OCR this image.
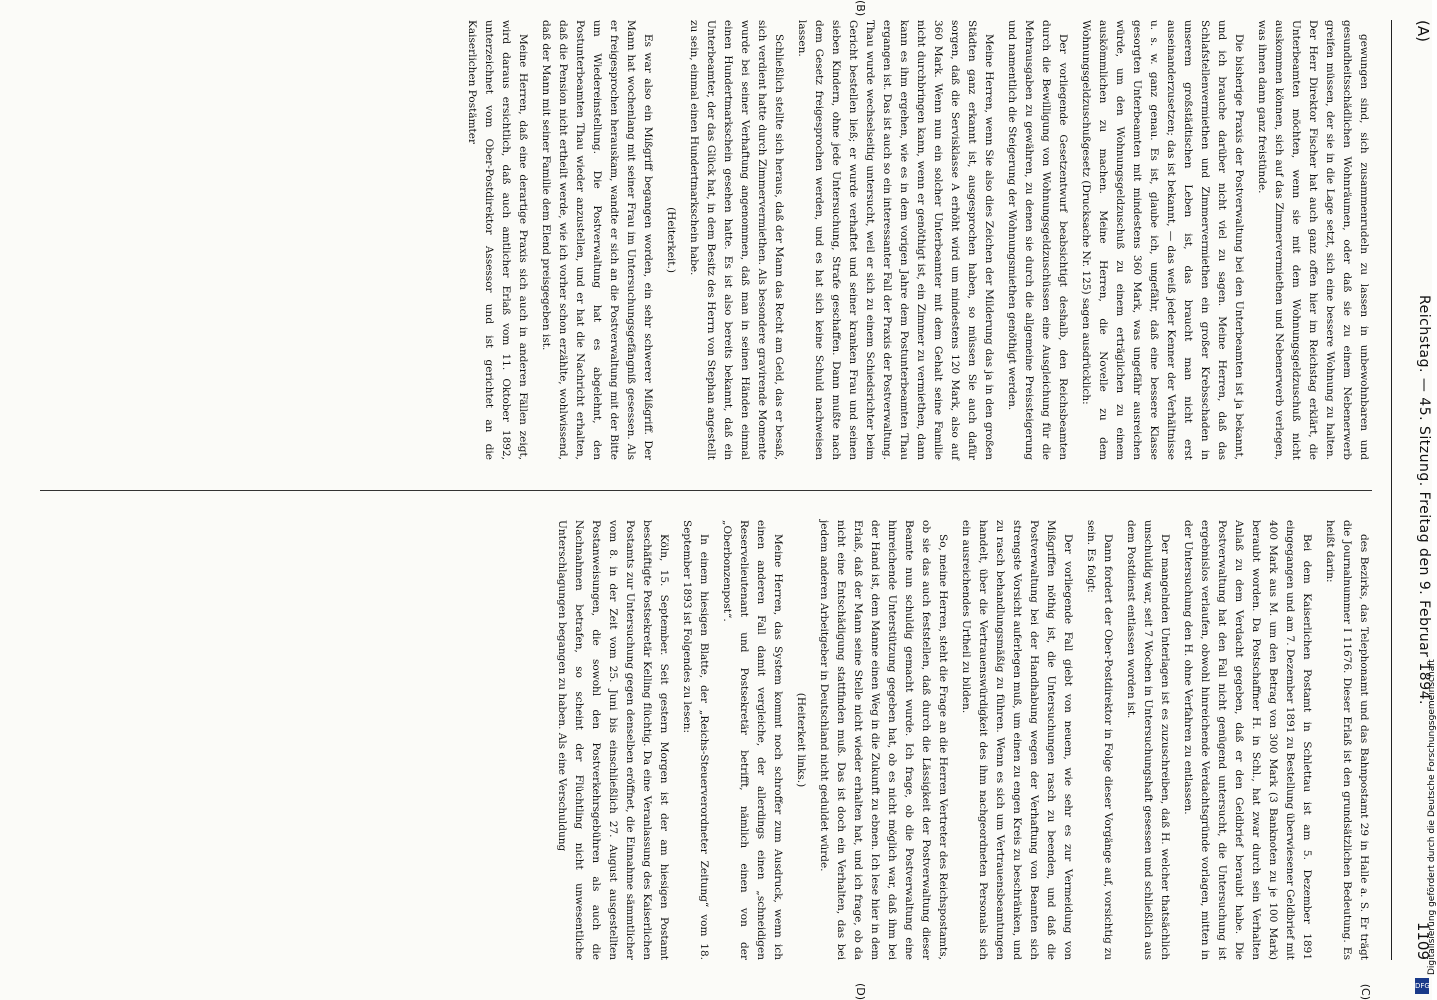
(A)
Reichstag. — 45. Sitzung. Freitag den 9. Februar 1894.
1109

gewungen sind, sich zusammenrudeln zu lassen in unbewohnbaren und gesundheitsschädlichen Wohnräumen, oder daß sie zu einem Nebenerwerb greifen müssen, der sie in die Lage setzt, sich eine bessere Wohnung zu halten. Der Herr Direktor Fischer hat auch ganz offen hier im Reichstag erklärt, die Unterbeamten möchten, wenn sie mit dem Wohnungsgeldzuschuß nicht auskommen können, sich auf das Zimmervermiethen und Nebenerwerb verlegen, was ihnen dann ganz freistünde.

Die bisherige Praxis der Postverwaltung bei den Unterbeamten ist ja bekannt, und ich brauche darüber nicht viel zu sagen. Meine Herren, daß das Schlafstellenvermiethen und Zimmervermiethen ein großer Krebsschaden in unserem großstädtischen Leben ist, das braucht man nicht erst auseinanderzusetzen; das ist bekannt, — das weiß jeder Kenner der Verhältnisse u. s. w. ganz genau. Es ist, glaube ich, ungefähr, daß eine bessere Klasse gesorgten Unterbeamten mit mindestens 360 Mark, was ungefähr ausreichen würde, um den Wohnungsgeldzuschuß zu einem erträglichen zu einem auskömmlichen zu machen. Meine Herren, die Novelle zu dem Wohnungsgeldzuschußgesetz (Drucksache Nr. 125) sagen ausdrücklich:

Der vorliegende Gesetzentwurf beabsichtigt deshalb, den Reichsbeamten durch die Bewilligung von Wohnungsgeldzuschüssen eine Ausgleichung für die Mehrausgaben zu gewähren, zu denen sie durch die allgemeine Preissteigerung und namentlich die Steigerung der Wohnungsmiethen genöthigt werden.

Meine Herren, wenn Sie also dies Zeichen der Milderung das ja in den großen Städten ganz erkannt ist, ausgesprochen haben, so müssen Sie auch dafür sorgen, daß die Servisklasse A erhöht wird um mindestens 120 Mark, also auf 360 Mark. Wenn nun ein solcher Unterbeamter mit dem Gehalt seine Familie nicht durchbringen kann, wenn er genöthigt ist, ein Zimmer zu vermiethen, dann kann es ihm ergehen, wie es in dem vorigen Jahre dem Postunterbeamten Thau ergangen ist. Das ist auch so ein interessanter Fall der Praxis der Postverwaltung. Thau wurde wechselseitig untersucht, weil er sich zu einem Schiedsrichter beim Gericht bestellen ließ; er wurde verhaftet und seiner kranken Frau und seinen sieben Kindern, ohne jede Untersuchung, Strafe geschaffen. Dann mußte nach dem Gesetz freigesprochen werden, und es hat sich keine Schuld nachweisen lassen.

Schließlich stellte sich heraus, daß der Mann das Recht am Geld, das er besaß, sich verdient hatte durch Zimmervermiethen. Als besondere gravirende Momente wurde bei seiner Verhaftung angenommen, daß man in seinen Händen einmal einen Hundertmarkschein gesehen hatte. Es ist also bereits bekannt, daß ein Unterbeamter, der das Glück hat, in dem Besitz des Herrn von Stephan angestellt zu sein, einmal einen Hundertmarkschein habe.

(Heiterkeit.)

Es war also ein Mißgriff begangen worden, ein sehr schwerer Mißgriff. Der Mann hat wochenlang mit seiner Frau im Untersuchungsgefängniß gesessen. Als er freigesprochen herauskam, wandte er sich an die Postverwaltung mit der Bitte um Wiedereinstellung. Die Postverwaltung hat es abgelehnt, den Postunterbeamten Thau wieder anzustellen, und er hat die Nachricht erhalten, daß die Pension nicht ertheilt werde, wie ich vorher schon erzählte, wohlwissend, daß der Mann mit seiner Familie dem Elend preisgegeben ist.

Meine Herren, daß eine derartige Praxis sich auch in anderen Fällen zeigt, wird daraus ersichtlich, daß auch amtlicher Erlaß vom 11. Oktober 1892, unterzeichnet vom Ober-Postdirektor Assessor und ist gerichtet an die Kaiserlichen Postämter

des Bezirks, das Telephonamt und das Bahnpostamt 29 in Halle a. S. Er trägt die Journalnummer I 11676. Dieser Erlaß ist den grundsätzlichen Bedeutung. Es heißt darin:

Bei dem Kaiserlichen Postamt in Schlettau ist am 5. Dezember 1891 eingegangen und am 7. Dezember 1891 zu Bestellung überwiesener Geldbrief mit 400 Mark aus M. um den Betrag von 300 Mark (3 Banknoten zu je 100 Mark) beraubt worden. Da Postschaffner H. in Schl., hat zwar durch sein Verhalten Anlaß zu dem Verdacht gegeben, daß er den Geldbrief beraubt habe. Die Postverwaltung hat den Fall nicht genügend untersucht, die Untersuchung ist ergebnislos verlaufen, obwohl hinreichende Verdachtsgründe vorlagen, mitten in der Untersuchung den H. ohne Verfahren zu entlassen.

Der mangelnden Unterlagen ist es zuzuschreiben, daß H. welcher thatsächlich unschuldig war, seit 7 Wochen in Untersuchungshaft gesessen und schließlich aus dem Postdienst entlassen worden ist.

Dann fordert der Ober-Postdirektor in Folge dieser Vorgänge auf, vorsichtig zu sein. Es folgt:

Der vorliegende Fall giebt von neuem, wie sehr es zur Vermeidung von Mißgriffen nöthig ist, die Untersuchungen rasch zu beenden, und daß die Postverwaltung bei der Handhabung wegen der Verhaftung von Beamten sich strengste Vorsicht auferlegen muß, um einen zu engen Kreis zu beschränken, und zu rasch behandlungsmäßig zu führen. Wenn es sich um Vertrauensbeamtungen handelt, über die Vertrauenswürdigkeit des ihm nachgeordneten Personals sich ein ausreichendes Urtheil zu bilden.

So, meine Herren, steht die Frage an die Herren Vertreter des Reichspostamts, ob sie das auch feststellen, daß durch die Lässigkeit der Postverwaltung dieser Beamte nun schuldig gemacht wurde. Ich frage, ob die Postverwaltung eine hinreichende Unterstützung gegeben hat, ob es nicht möglich war, daß ihm bei der Hand ist, dem Manne einen Weg in die Zukunft zu ebnen. Ich lese hier in dem Erlaß, daß der Mann seine Stelle nicht wieder erhalten hat, und ich frage, ob da nicht eine Entschädigung stattfinden muß. Das ist doch ein Verhalten, das bei jedem anderen Arbeitgeber in Deutschland nicht geduldet würde.

(Heiterkeit links.)

Meine Herren, das System kommt noch schroffer zum Ausdruck, wenn ich einen anderen Fall damit vergleiche, der allerdings einen „schneidigen Reservelieutenant und Postsekretär betrifft, nämlich einen von der „Oberbonzenpost“.

In einem hiesigen Blatte, der „Reichs-Steuerverordneter Zeitung“ vom 18. September 1893 ist Folgendes zu lesen:

Köln, 15. September. Seit gestern Morgen ist der am hiesigen Postamt beschäftigte Postsekretär Kelling flüchtig. Da eine Veranlassung des Kaiserlichen Postamts zur Untersuchung gegen denselben eröffnet, die Einnahme sämmtlicher vom 8. in der Zeit vom 25. Juni bis einschließlich 27. August ausgestellten Postanweisungen, die sowohl den Postverkehrsgebühren als auch die Nachnahmen betrafen, so scheint der Flüchtling nicht unwesentliche Unterschlagungen begangen zu haben. Als eine Verschuldung

(B)
(D)	(C)
Digitalisierung gefördert durch die Deutsche Forschungsgemeinschaft
DFG
